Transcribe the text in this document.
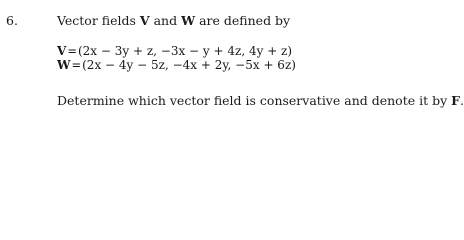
6.	Vector fields V and W are defined by
V=(2x − 3y + z, −3x − y + 4z, 4y + z)
W=(2x − 4y − 5z, −4x + 2y, −5x + 6z)
Determine which vector field is conservative and denote it by F.
